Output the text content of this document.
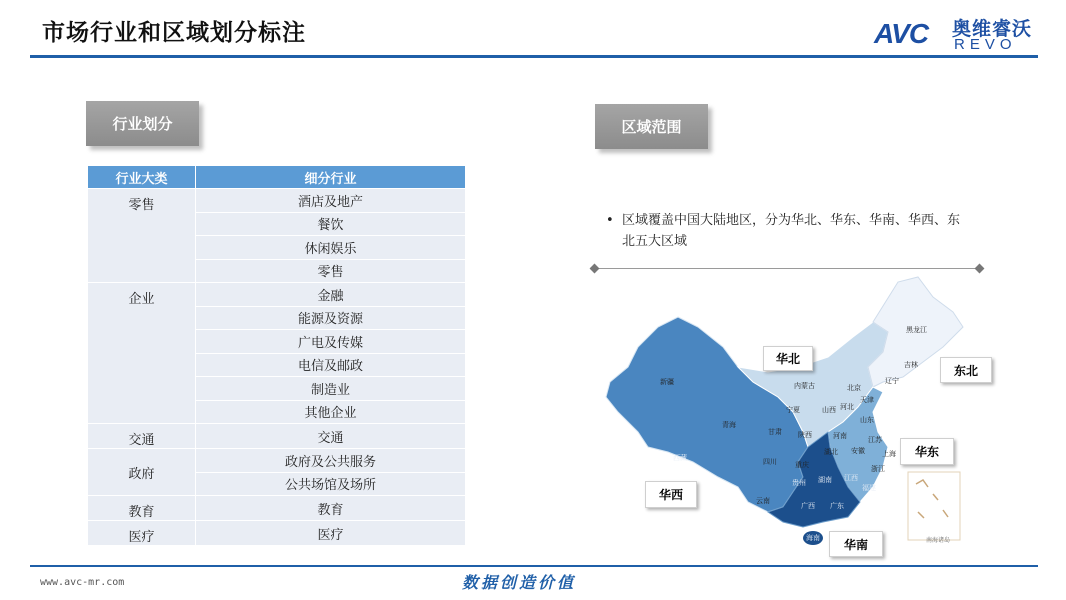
市场行业和区域划分标注	AVC 奥维睿沃
REVO
行业划分
行业大类	细分行业
零售	酒店及地产
	餐饮
	休闲娱乐
	零售
企业	金融
	能源及资源
	广电及传媒
	电信及邮政
	制造业
	其他企业
交通	交通
政府	政府及公共服务
	公共场馆及场所
教育	教育
医疗	医疗
区域范围
• 区域覆盖中国大陆地区，分为华北、华东、华南、华西、东北五大区域
南海诸岛
新疆
西藏
青海
甘肃
宁夏
内蒙古
陕西
山西
北京
天津
河北
辽宁
吉林
黑龙江
山东
河南	江苏
上海
安徽
湖北
四川	重庆
贵州
云南
湖南 江西
浙江
福建
广西 广东
海南
华北
东北
华东
华西
华南
www.avc-mr.com	数据创造价值
